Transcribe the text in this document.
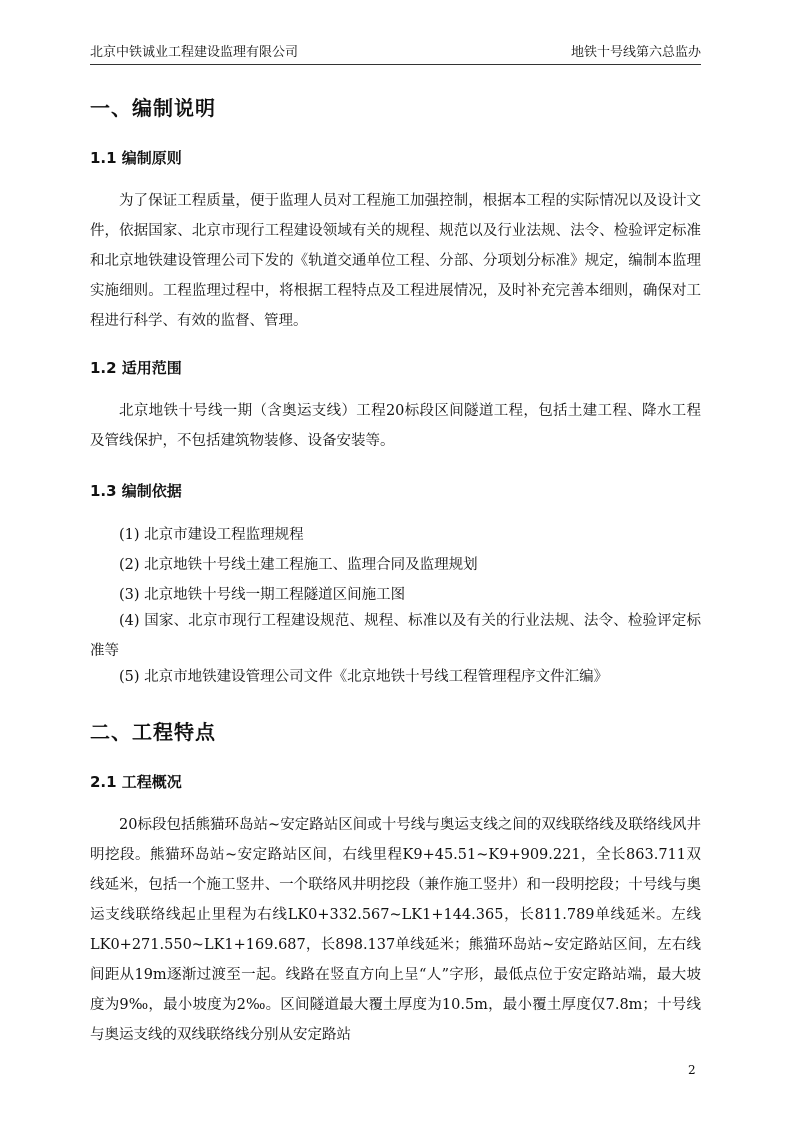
北京中铁诚业工程建设监理有限公司	地铁十号线第六总监办
一、编制说明
1.1 编制原则

为了保证工程质量，便于监理人员对工程施工加强控制，根据本工程的实际情况以及设计文件，依据国家、北京市现行工程建设领域有关的规程、规范以及行业法规、法令、检验评定标准和北京地铁建设管理公司下发的《轨道交通单位工程、分部、分项划分标准》规定，编制本监理实施细则。工程监理过程中，将根据工程特点及工程进展情况，及时补充完善本细则，确保对工程进行科学、有效的监督、管理。

1.2 适用范围

北京地铁十号线一期（含奥运支线）工程20标段区间隧道工程，包括土建工程、降水工程及管线保护，不包括建筑物装修、设备安装等。

1.3 编制依据

(1) 北京市建设工程监理规程

(2) 北京地铁十号线土建工程施工、监理合同及监理规划

(3) 北京地铁十号线一期工程隧道区间施工图

(4) 国家、北京市现行工程建设规范、规程、标准以及有关的行业法规、法令、检验评定标准等

(5) 北京市地铁建设管理公司文件《北京地铁十号线工程管理程序文件汇编》

二、工程特点
2.1 工程概况

20标段包括熊猫环岛站~安定路站区间或十号线与奥运支线之间的双线联络线及联络线风井明挖段。熊猫环岛站~安定路站区间，右线里程K9+45.51~K9+909.221，全长863.711双线延米，包括一个施工竖井、一个联络风井明挖段（兼作施工竖井）和一段明挖段；十号线与奥运支线联络线起止里程为右线LK0+332.567~LK1+144.365，长811.789单线延米。左线LK0+271.550~LK1+169.687，长898.137单线延米；熊猫环岛站~安定路站区间，左右线间距从19m逐渐过渡至一起。线路在竖直方向上呈“人”字形，最低点位于安定路站端，最大坡度为9‰，最小坡度为2‰。区间隧道最大覆土厚度为10.5m，最小覆土厚度仅7.8m；十号线与奥运支线的双线联络线分别从安定路站

2
